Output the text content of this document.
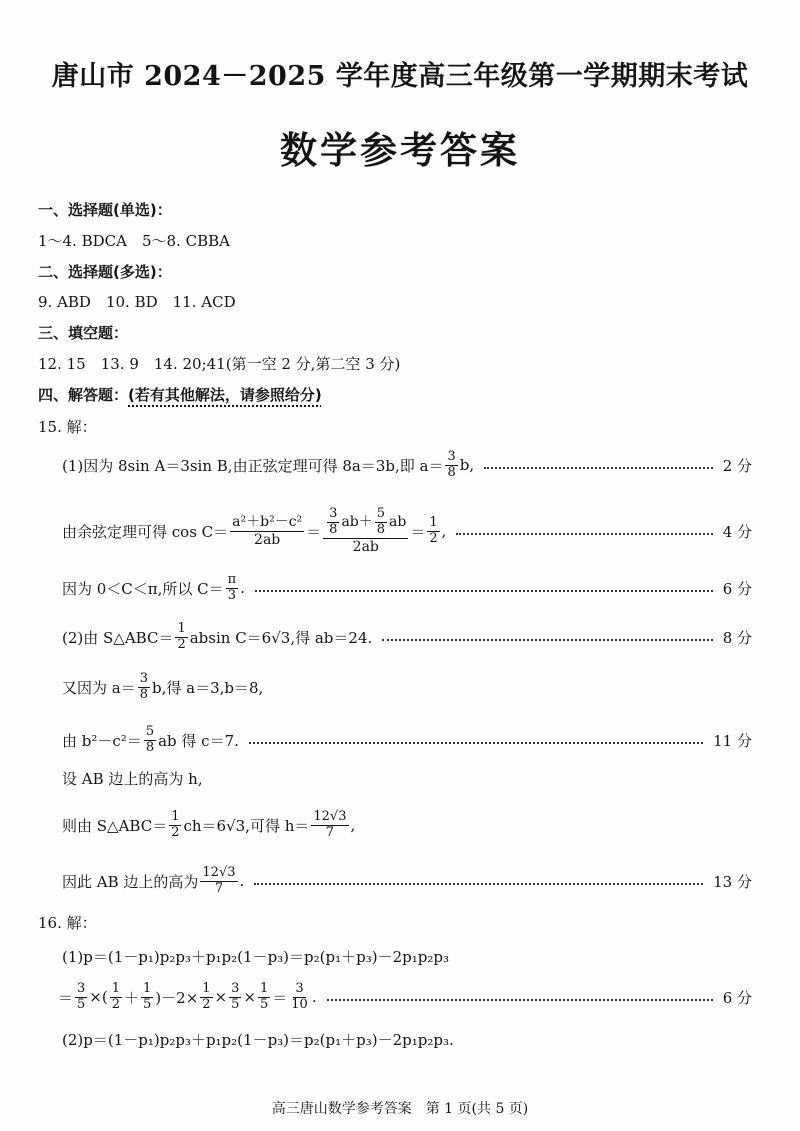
唐山市 2024－2025 学年度高三年级第一学期期末考试
数学参考答案
一、选择题(单选)：
1～4. BDCA　5～8. CBBA
二、选择题(多选)：
9. ABD　10. BD　11. ACD
三、填空题：
12. 15　13. 9　14. 20;41(第一空 2 分,第二空 3 分)
四、解答题：(若有其他解法，请参照给分)
15. 解：
(1)因为 8sin A＝3sin B,由正弦定理可得 8a＝3b,即 $a= \frac{3}{8} b$,	2 分
由余弦定理可得 $\cos C= \frac{\text{a²＋b²－c²}}{2ab} = \frac{\frac{3}{8} ab+ \frac{5}{8} ab}{2ab} = \frac{1}{2}$ ,	4 分
因为 0＜C＜π,所以 $C= \frac{\pi}{3}$ .	6 分
(2)由 S△ABC＝ $\frac{1}{2}$ absin C＝6√3,得 ab＝24.	8 分
又因为 $a= \frac{3}{8} b$,得 a＝3,b＝8,
由 $b^2-c^2= \frac{5}{8}$ ab 得 c＝7.	11 分
设 AB 边上的高为 h,
则由 S△ABC＝ $\frac{1}{2} ch=6√3$,可得 $h= \frac{12√3}{7}$ ,
因此 AB 边上的高为 $\frac{12√3}{7}$ .	13 分
16. 解：
(1)p＝(1－p₁)p₂p₃＋p₁p₂(1－p₃)＝p₂(p₁＋p₃)－2p₁p₂p₃
＝ $\frac{3}{5}$ ×( $\frac{1}{2} + \frac{1}{5} )-2\times \frac{1}{2} \times \frac{3}{5} \times \frac{1}{5} = \frac{3}{10}$ .	6 分
(2)p＝(1－p₁)p₂p₃＋p₁p₂(1－p₃)＝p₂(p₁＋p₃)－2p₁p₂p₃.
高三唐山数学参考答案　第 1 页(共 5 页)
